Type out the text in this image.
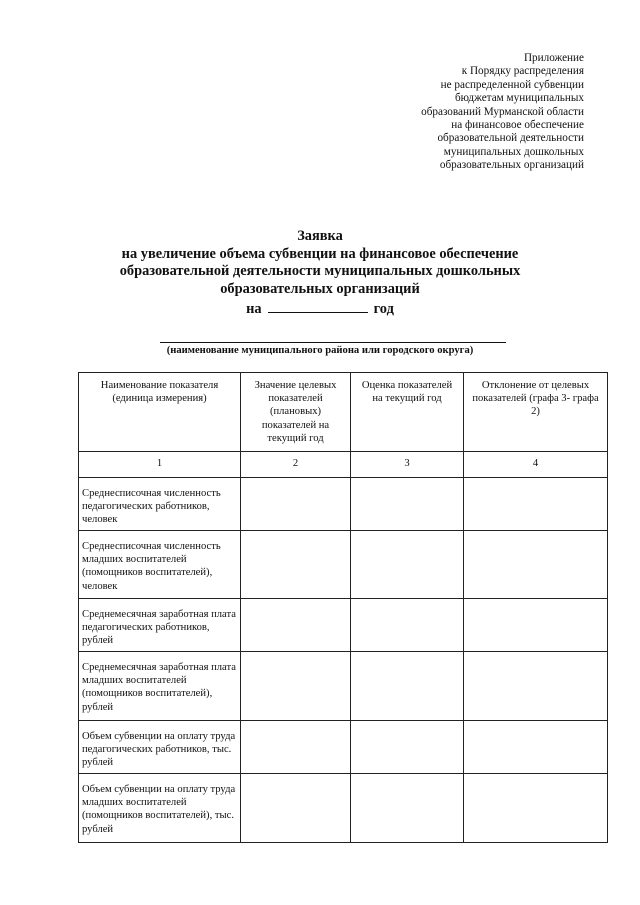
Приложение
к Порядку распределения
не распределенной субвенции
бюджетам муниципальных
образований Мурманской области
на финансовое обеспечение
образовательной деятельности
муниципальных дошкольных
образовательных организаций
Заявка
на увеличение объема субвенции на финансовое обеспечение
образовательной деятельности муниципальных дошкольных
образовательных организаций
на	год
(наименование муниципального района или городского округа)
Наименование показателя (единица измерения)	Значение целевых показателей (плановых) показателей на текущий год	Оценка показателей на текущий год	Отклонение от целевых показателей (графа 3- графа 2)
1	2	3	4
Среднесписочная численность педагогических работников, человек			
Среднесписочная численность младших воспитателей (помощников воспитателей), человек			
Среднемесячная заработная плата педагогических работников, рублей			
Среднемесячная заработная плата младших воспитателей (помощников воспитателей), рублей			
Объем субвенции на оплату труда педагогических работников, тыс. рублей			
Объем субвенции на оплату труда младших воспитателей (помощников воспитателей), тыс. рублей			
